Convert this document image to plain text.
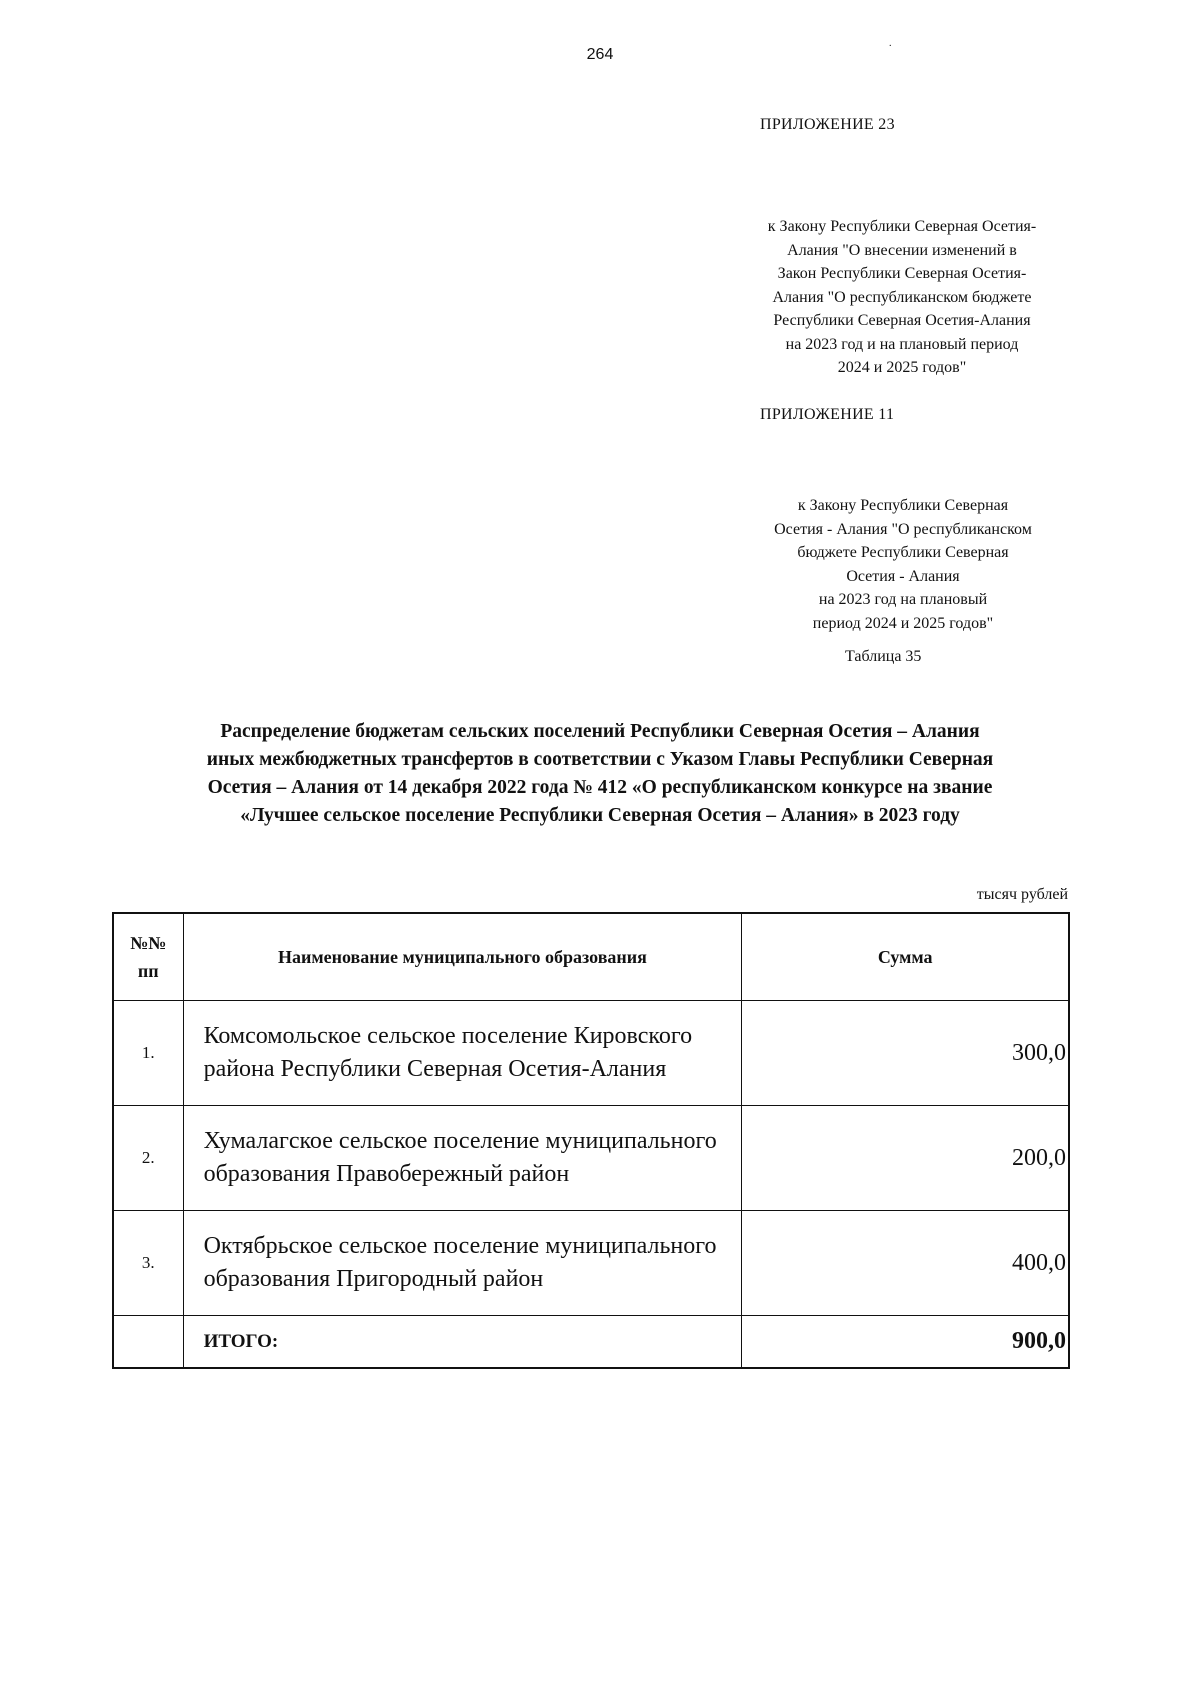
264
.
ПРИЛОЖЕНИЕ 23
к Закону Республики Северная Осетия-
Алания "О внесении изменений в
Закон Республики Северная Осетия-
Алания "О республиканском бюджете
Республики Северная Осетия-Алания
на 2023 год и на плановый период
2024 и 2025 годов"
ПРИЛОЖЕНИЕ 11
к Закону Республики Северная
Осетия - Алания "О республиканском
бюджете Республики Северная
Осетия - Алания
на 2023 год на плановый
период 2024 и 2025 годов"
Таблица 35
Распределение бюджетам сельских поселений Республики Северная Осетия – Алания
иных межбюджетных трансфертов в соответствии с Указом Главы Республики Северная
Осетия – Алания от 14 декабря 2022 года № 412 «О республиканском конкурсе на звание
«Лучшее сельское поселение Республики Северная Осетия – Алания» в 2023 году
тысяч рублей
№№
пп	Наименование муниципального образования	Сумма
1.	Комсомольское сельское поселение Кировского района Республики Северная Осетия-Алания	300,0
2.	Хумалагское сельское поселение муниципального образования Правобережный район	200,0
3.	Октябрьское сельское поселение муниципального образования Пригородный район	400,0
	ИТОГО:	900,0
